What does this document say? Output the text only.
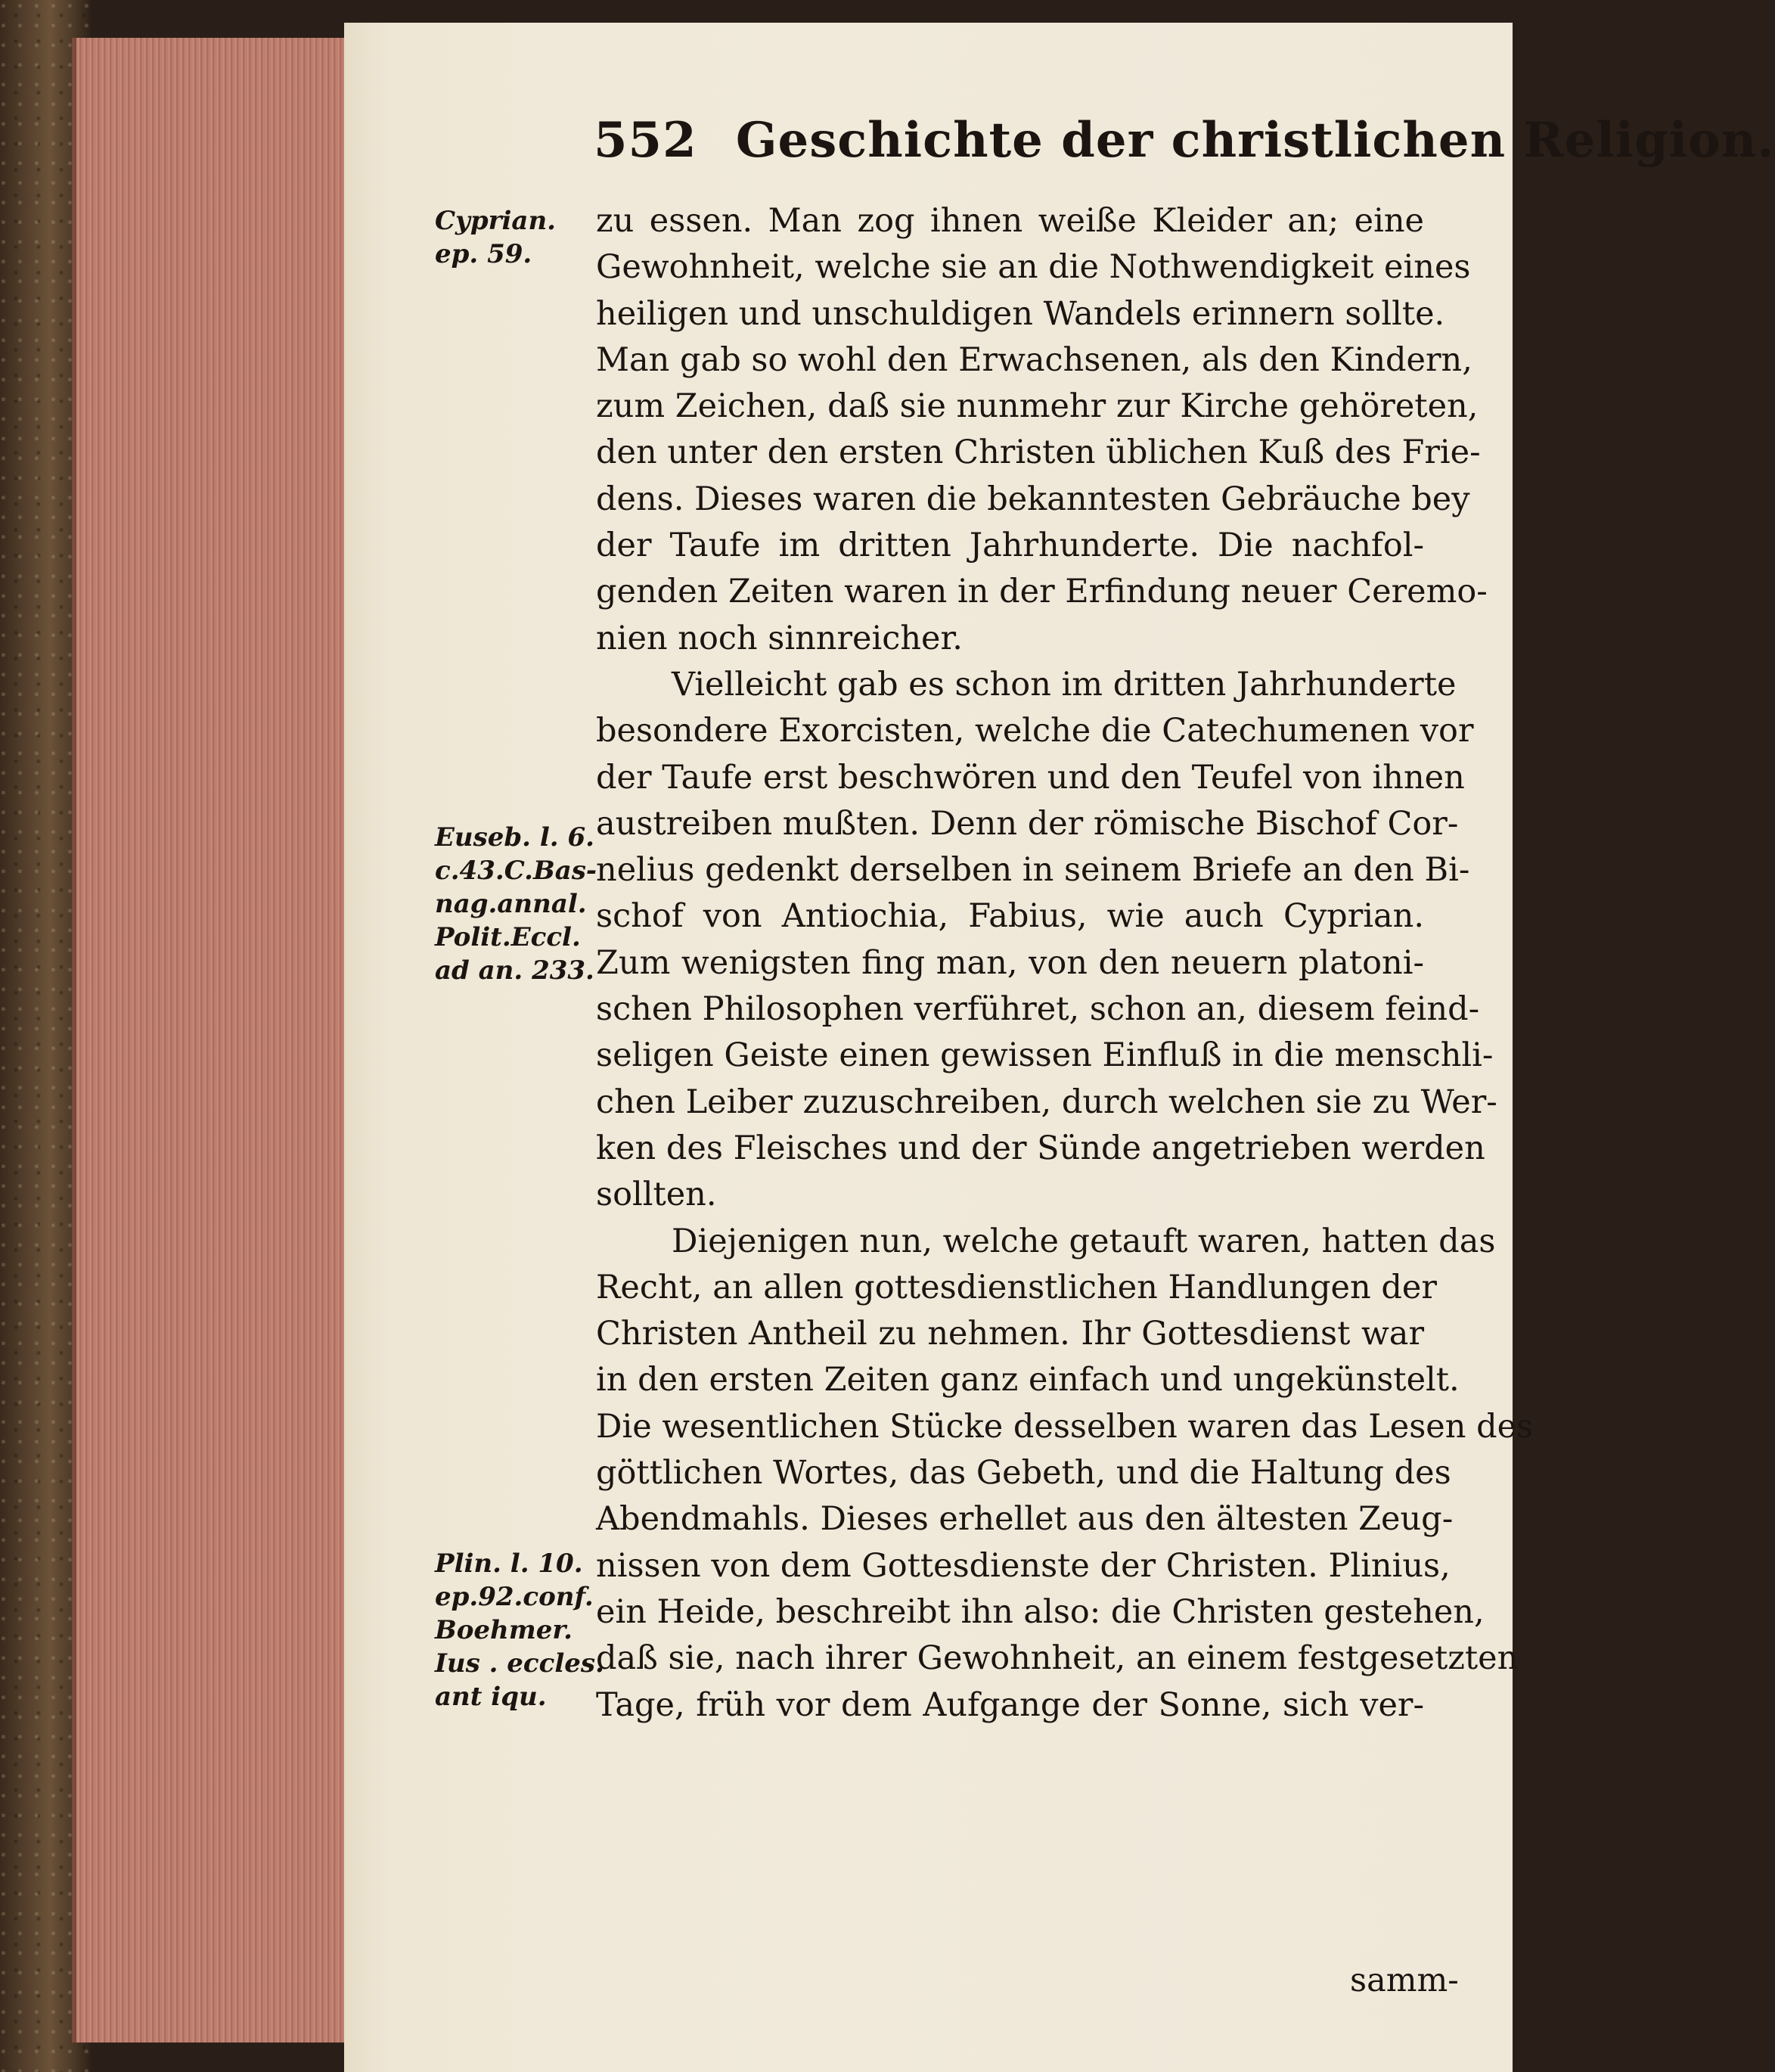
552 Geschichte der christlichen Religion.
Cyprian.
ep. 59.
Euseb. l. 6.
c.43.C.Bas-
nag.annal.
Polit.Eccl.
ad an. 233.
Plin. l. 10.
ep.92.conf.
Boehmer.
Ius . eccles.
ant iqu.
zu essen. Man zog ihnen weiße Kleider an; eine
Gewohnheit, welche sie an die Nothwendigkeit eines
heiligen und unschuldigen Wandels erinnern sollte.
Man gab so wohl den Erwachsenen, als den Kindern,
zum Zeichen, daß sie nunmehr zur Kirche gehöreten,
den unter den ersten Christen üblichen Kuß des Frie-
dens. Dieses waren die bekanntesten Gebräuche bey
der Taufe im dritten Jahrhunderte. Die nachfol-
genden Zeiten waren in der Erfindung neuer Ceremo-
nien noch sinnreicher.
Vielleicht gab es schon im dritten Jahrhunderte
besondere Exorcisten, welche die Catechumenen vor
der Taufe erst beschwören und den Teufel von ihnen
austreiben mußten. Denn der römische Bischof Cor-
nelius gedenkt derselben in seinem Briefe an den Bi-
schof von Antiochia, Fabius, wie auch Cyprian.
Zum wenigsten fing man, von den neuern platoni-
schen Philosophen verführet, schon an, diesem feind-
seligen Geiste einen gewissen Einfluß in die menschli-
chen Leiber zuzuschreiben, durch welchen sie zu Wer-
ken des Fleisches und der Sünde angetrieben werden
sollten.
Diejenigen nun, welche getauft waren, hatten das
Recht, an allen gottesdienstlichen Handlungen der
Christen Antheil zu nehmen. Ihr Gottesdienst war
in den ersten Zeiten ganz einfach und ungekünstelt.
Die wesentlichen Stücke desselben waren das Lesen des
göttlichen Wortes, das Gebeth, und die Haltung des
Abendmahls. Dieses erhellet aus den ältesten Zeug-
nissen von dem Gottesdienste der Christen. Plinius,
ein Heide, beschreibt ihn also: die Christen gestehen,
daß sie, nach ihrer Gewohnheit, an einem festgesetzten
Tage, früh vor dem Aufgange der Sonne, sich ver-
samm-
